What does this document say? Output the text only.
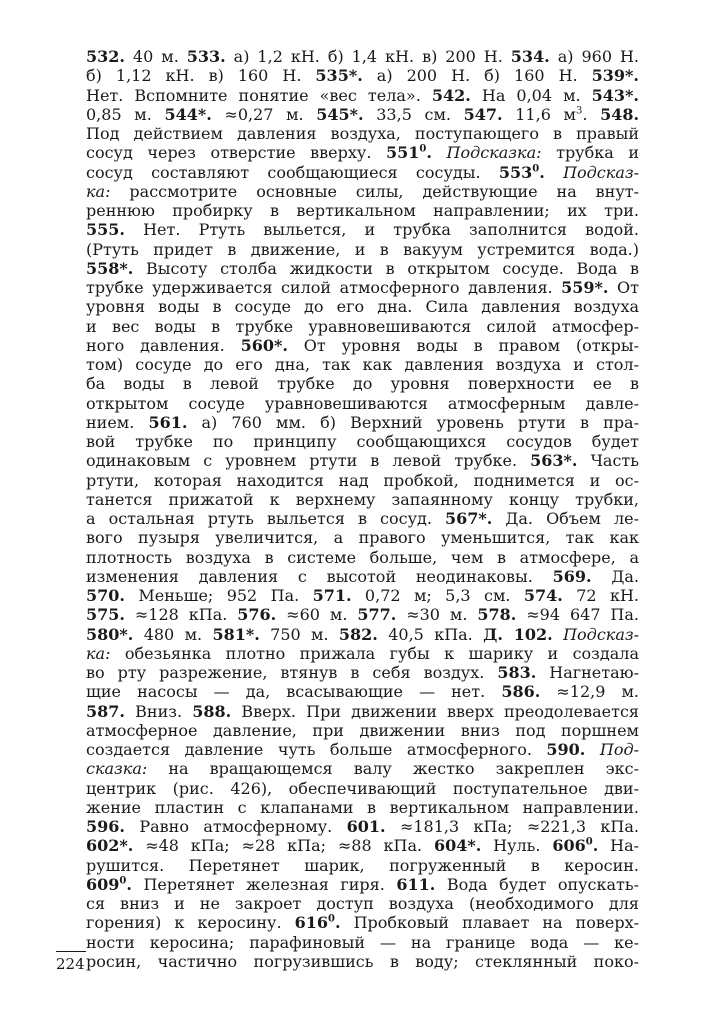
532. 40 м. 533. а) 1,2 кН. б) 1,4 кН. в) 200 Н. 534. а) 960 Н.
б) 1,12 кН. в) 160 Н. 535*. а) 200 Н. б) 160 Н. 539*.
Нет. Вспомните понятие «вес тела». 542. На 0,04 м. 543*.
0,85 м. 544*. ≈0,27 м. 545*. 33,5 см. 547. 11,6 $м^3$. 548.
Под действием давления воздуха, поступающего в правый
сосуд через отверстие вверху. $551^0$. Подсказка: трубка и
сосуд составляют сообщающиеся сосуды. $553^0$. Подсказ-
ка: рассмотрите основные силы, действующие на внут-
реннюю пробирку в вертикальном направлении; их три.
555. Нет. Ртуть выльется, и трубка заполнится водой.
(Ртуть придет в движение, и в вакуум устремится вода.)
558*. Высоту столба жидкости в открытом сосуде. Вода в
трубке удерживается силой атмосферного давления. 559*. От
уровня воды в сосуде до его дна. Сила давления воздуха
и вес воды в трубке уравновешиваются силой атмосфер-
ного давления. 560*. От уровня воды в правом (откры-
том) сосуде до его дна, так как давления воздуха и стол-
ба воды в левой трубке до уровня поверхности ее в
открытом сосуде уравновешиваются атмосферным давле-
нием. 561. а) 760 мм. б) Верхний уровень ртути в пра-
вой трубке по принципу сообщающихся сосудов будет
одинаковым с уровнем ртути в левой трубке. 563*. Часть
ртути, которая находится над пробкой, поднимется и ос-
танется прижатой к верхнему запаянному концу трубки,
а остальная ртуть выльется в сосуд. 567*. Да. Объем ле-
вого пузыря увеличится, а правого уменьшится, так как
плотность воздуха в системе больше, чем в атмосфере, а
изменения давления с высотой неодинаковы. 569. Да.
570. Меньше; 952 Па. 571. 0,72 м; 5,3 см. 574. 72 кН.
575. ≈128 кПа. 576. ≈60 м. 577. ≈30 м. 578. ≈94 647 Па.
580*. 480 м. 581*. 750 м. 582. 40,5 кПа. Д. 102. Подсказ-
ка: обезьянка плотно прижала губы к шарику и создала
во рту разрежение, втянув в себя воздух. 583. Нагнетаю-
щие насосы — да, всасывающие — нет. 586. ≈12,9 м.
587. Вниз. 588. Вверх. При движении вверх преодолевается
атмосферное давление, при движении вниз под поршнем
создается давление чуть больше атмосферного. 590. Под-
сказка: на вращающемся валу жестко закреплен экс-
центрик (рис. 426), обеспечивающий поступательное дви-
жение пластин с клапанами в вертикальном направлении.
596. Равно атмосферному. 601. ≈181,3 кПа; ≈221,3 кПа.
602*. ≈48 кПа; ≈28 кПа; ≈88 кПа. 604*. Нуль. $606^0$. На-
рушится. Перетянет шарик, погруженный в керосин.
$609^0$. Перетянет железная гиря. 611. Вода будет опускать-
ся вниз и не закроет доступ воздуха (необходимого для
горения) к керосину. $616^0$. Пробковый плавает на поверх-
ности керосина; парафиновый — на границе вода — ке-
росин, частично погрузившись в воду; стеклянный поко-
224
